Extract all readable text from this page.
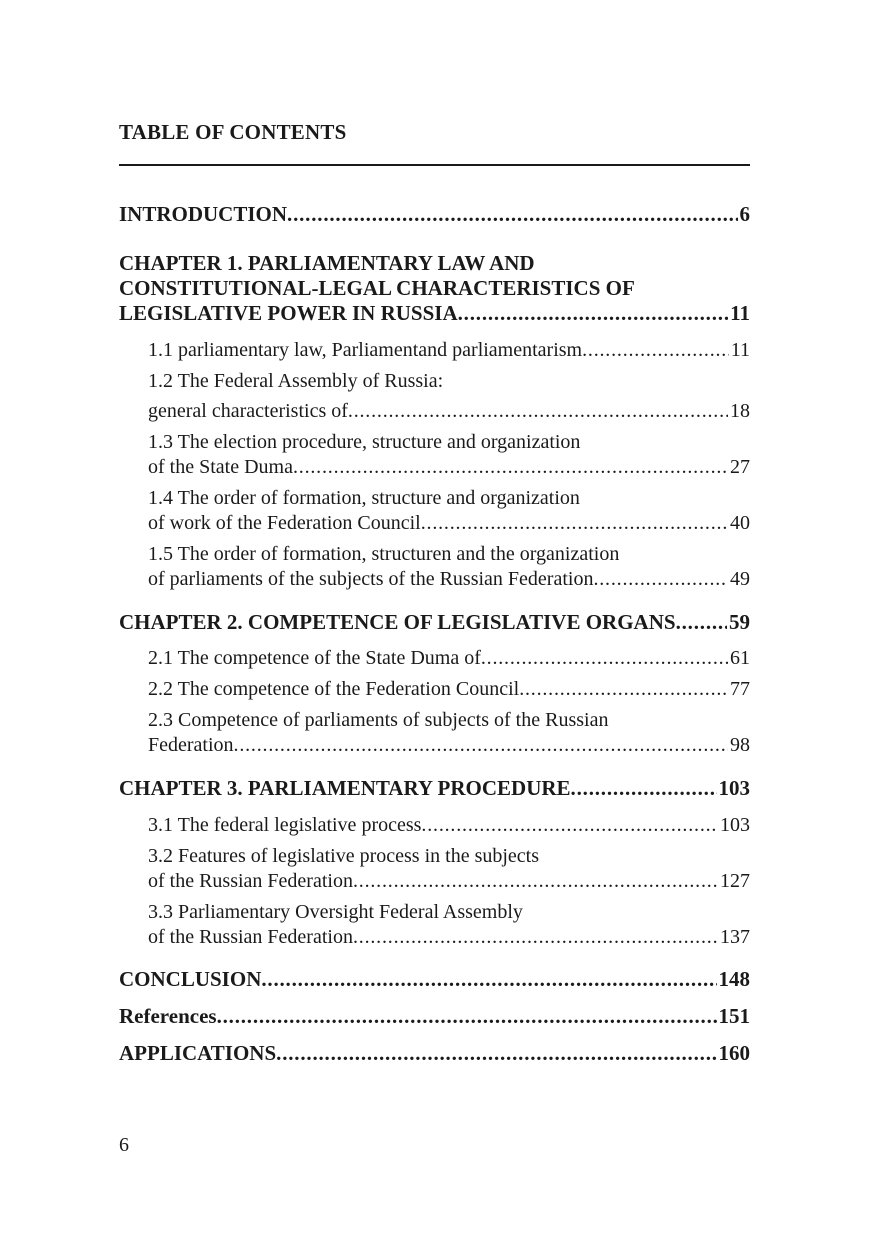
TABLE OF CONTENTS
INTRODUCTION .....	6
CHAPTER 1. PARLIAMENTARY LAW AND
CONSTITUTIONAL-LEGAL CHARACTERISTICS OF
LEGISLATIVE POWER IN RUSSIA .....	11
1.1 parliamentary law, Parliamentand parliamentarism .....	11
1.2 The Federal Assembly of Russia:
general characteristics of .....	18
1.3 The election procedure, structure and organization
of the State Duma .....	27
1.4 The order of formation, structure and organization
of work of the Federation Council .....	40
1.5 The order of formation, structuren and the organization
of parliaments of the subjects of the Russian Federation .....	49
CHAPTER 2. COMPETENCE OF LEGISLATIVE ORGANS .....	59
2.1 The competence of the State Duma of .....	61
2.2 The competence of the Federation Council .....	77
2.3 Competence of parliaments of subjects of the Russian
Federation .....	98
CHAPTER 3. PARLIAMENTARY PROCEDURE .....	103
3.1 The federal legislative process .....	103
3.2 Features of legislative process in the subjects
of the Russian Federation .....	127
3.3 Parliamentary Oversight Federal Assembly
of the Russian Federation .....	137
CONCLUSION .....	148
References .....	151
APPLICATIONS .....	160
6
